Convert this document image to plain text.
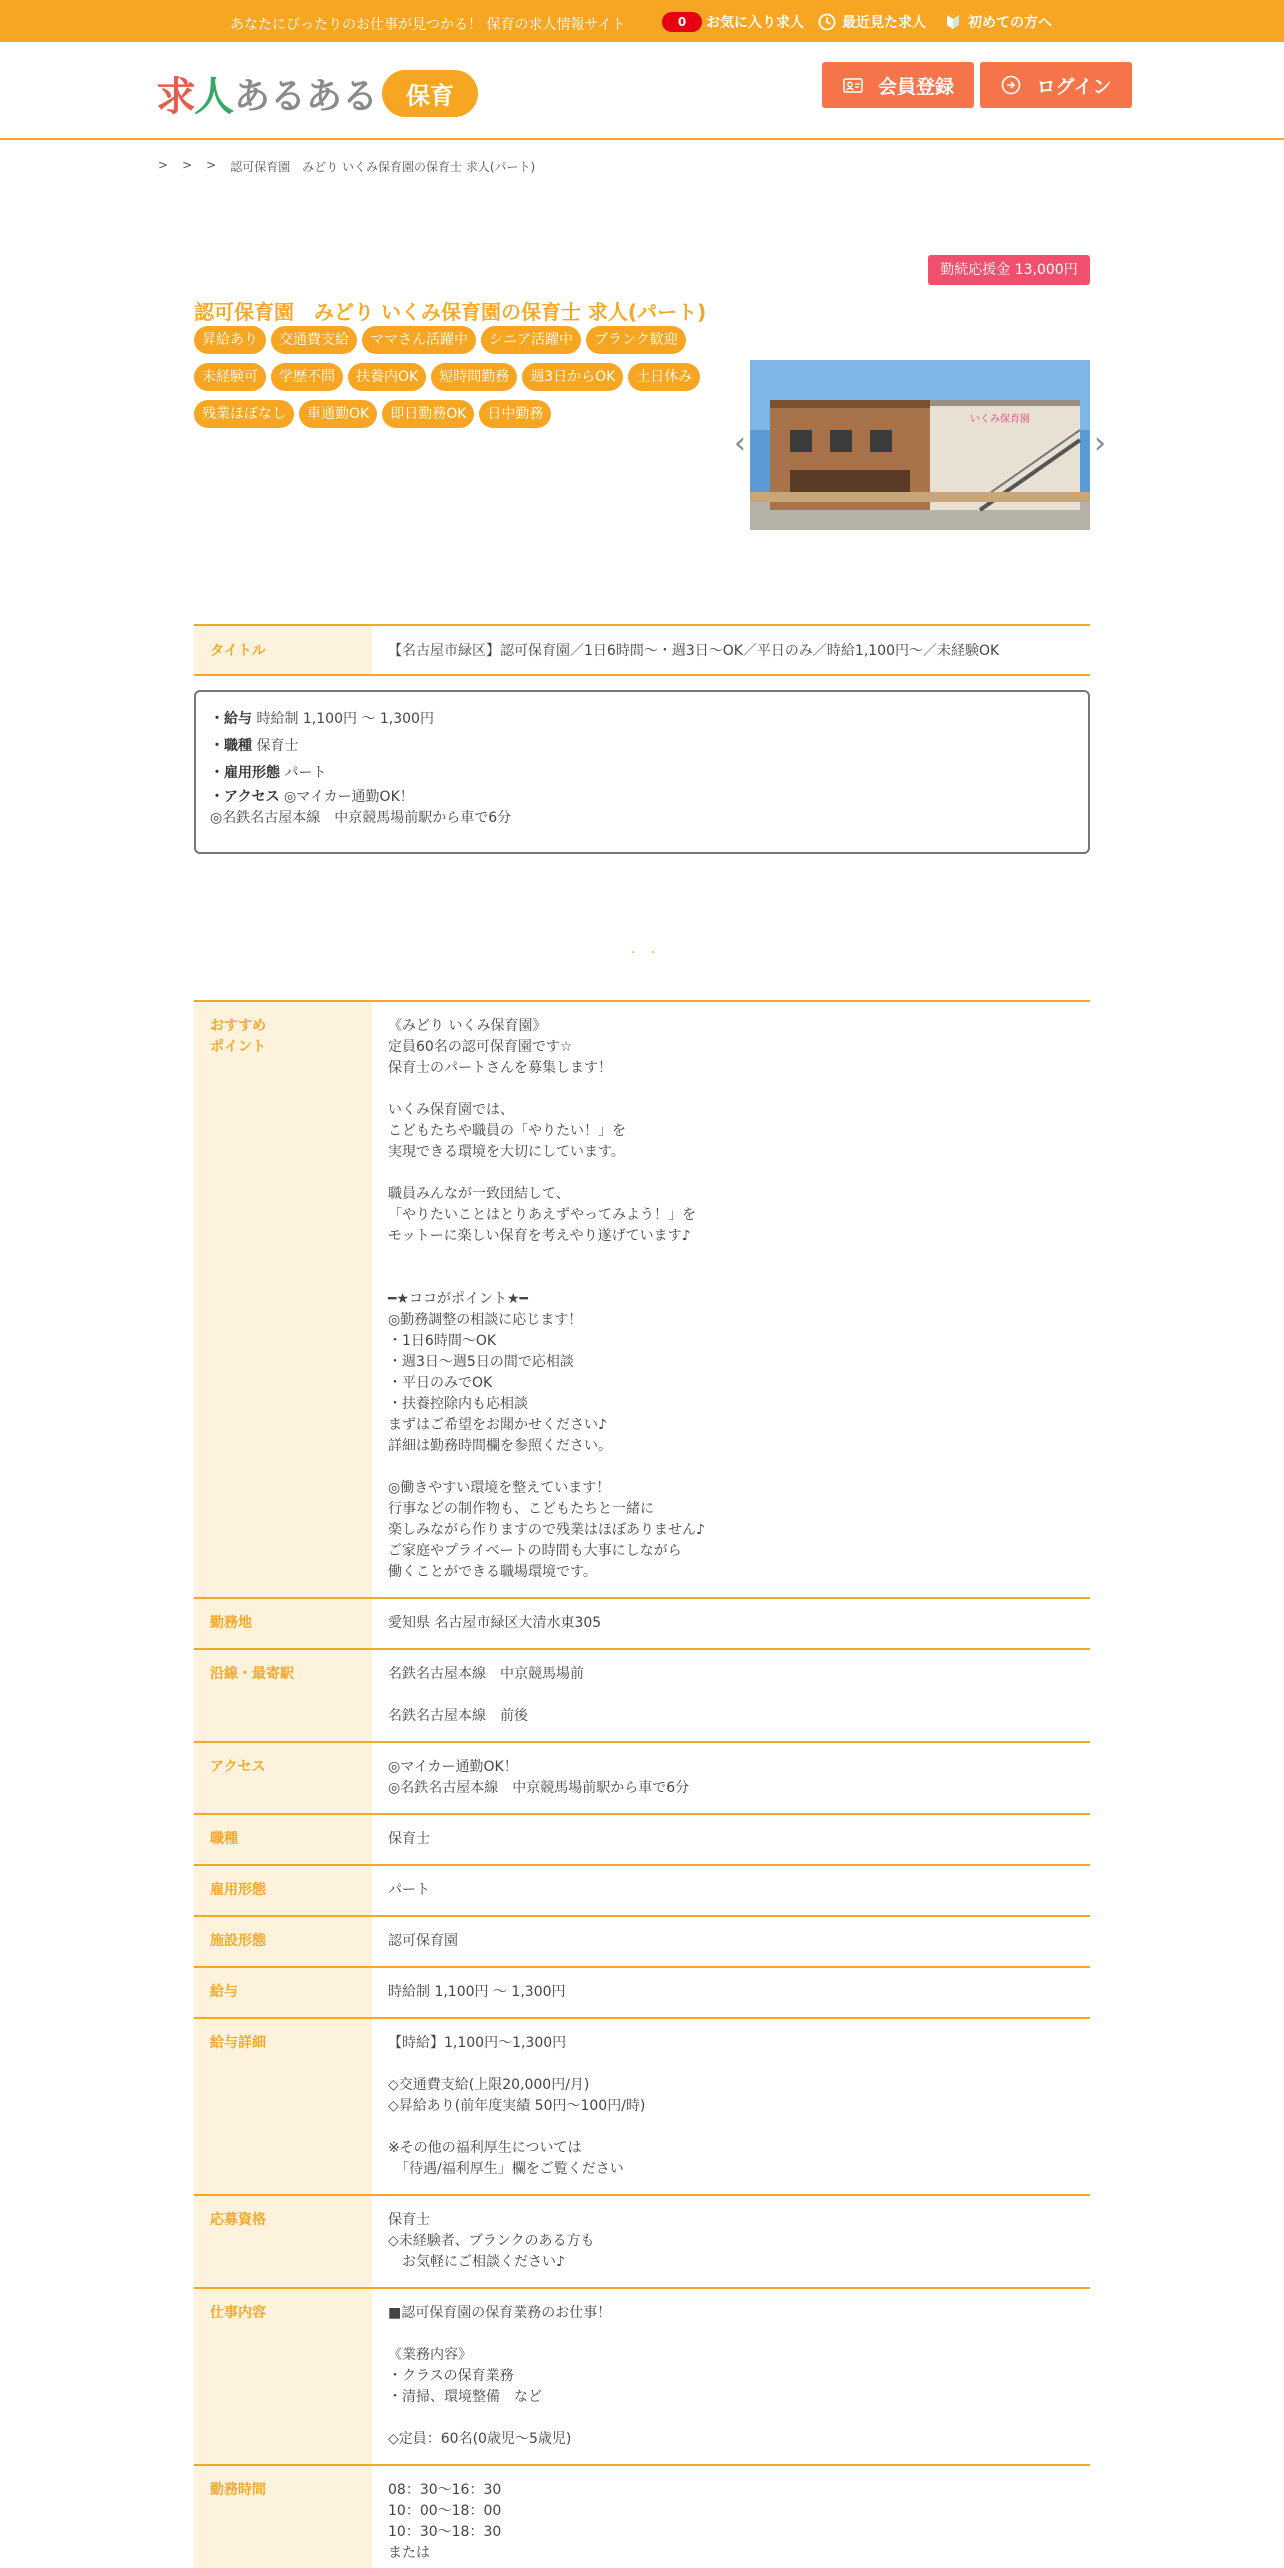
あなたにぴったりのお仕事が見つかる！ 保育の求人情報サイト	0	お気に入り求人	最近見た求人	初めての方へ
求人 あるある	保育	会員登録	ログイン
> > > 認可保育園　みどり いくみ保育園の保育士 求人(パート)
勤続応援金 13,000円
認可保育園　みどり いくみ保育園の保育士 求人(パート)
昇給あり	交通費支給	ママさん活躍中	シニア活躍中	ブランク歓迎
未経験可	学歴不問	扶養内OK	短時間勤務	週3日からOK	土日休み
残業ほぼなし	車通勤OK	即日勤務OK	日中勤務
‹
いくみ保育園
›
タイトル	【名古屋市緑区】認可保育園／1日6時間～・週3日～OK／平日のみ／時給1,100円～／未経験OK
・給与 時給制 1,100円 ～ 1,300円
・職種 保育士
・雇用形態 パート
・アクセス ◎マイカー通勤OK！
◎名鉄名古屋本線　中京競馬場前駅から車で6分
・・
おすすめ
ポイント
《みどり いくみ保育園》
定員60名の認可保育園です☆
保育士のパートさんを募集します！

いくみ保育園では、
こどもたちや職員の「やりたい！」を
実現できる環境を大切にしています。

職員みんなが一致団結して、
「やりたいことはとりあえずやってみよう！」を
モットーに楽しい保育を考えやり遂げています♪

━★ココがポイント★━
◎勤務調整の相談に応じます！
・1日6時間～OK
・週3日～週5日の間で応相談
・平日のみでOK
・扶養控除内も応相談
まずはご希望をお聞かせください♪
詳細は勤務時間欄を参照ください。

◎働きやすい環境を整えています！
行事などの制作物も、こどもたちと一緒に
楽しみながら作りますので残業はほぼありません♪
ご家庭やプライベートの時間も大事にしながら
働くことができる職場環境です。
勤務地	愛知県 名古屋市緑区大清水東305
沿線・最寄駅	名鉄名古屋本線　中京競馬場前

名鉄名古屋本線　前後
アクセス	◎マイカー通勤OK！
◎名鉄名古屋本線　中京競馬場前駅から車で6分
職種	保育士
雇用形態	パート
施設形態	認可保育園
給与	時給制 1,100円 ～ 1,300円
給与詳細	【時給】1,100円～1,300円

◇交通費支給(上限20,000円/月)
◇昇給あり(前年度実績 50円～100円/時)

※その他の福利厚生については
　「待遇/福利厚生」欄をご覧ください
応募資格	保育士
◇未経験者、ブランクのある方も
　お気軽にご相談ください♪
仕事内容	■認可保育園の保育業務のお仕事！

《業務内容》
・クラスの保育業務
・清掃、環境整備　など

◇定員：60名(0歳児～5歳児)
勤務時間	08：30〜16：30
10：00～18：00
10：30～18：30
または
